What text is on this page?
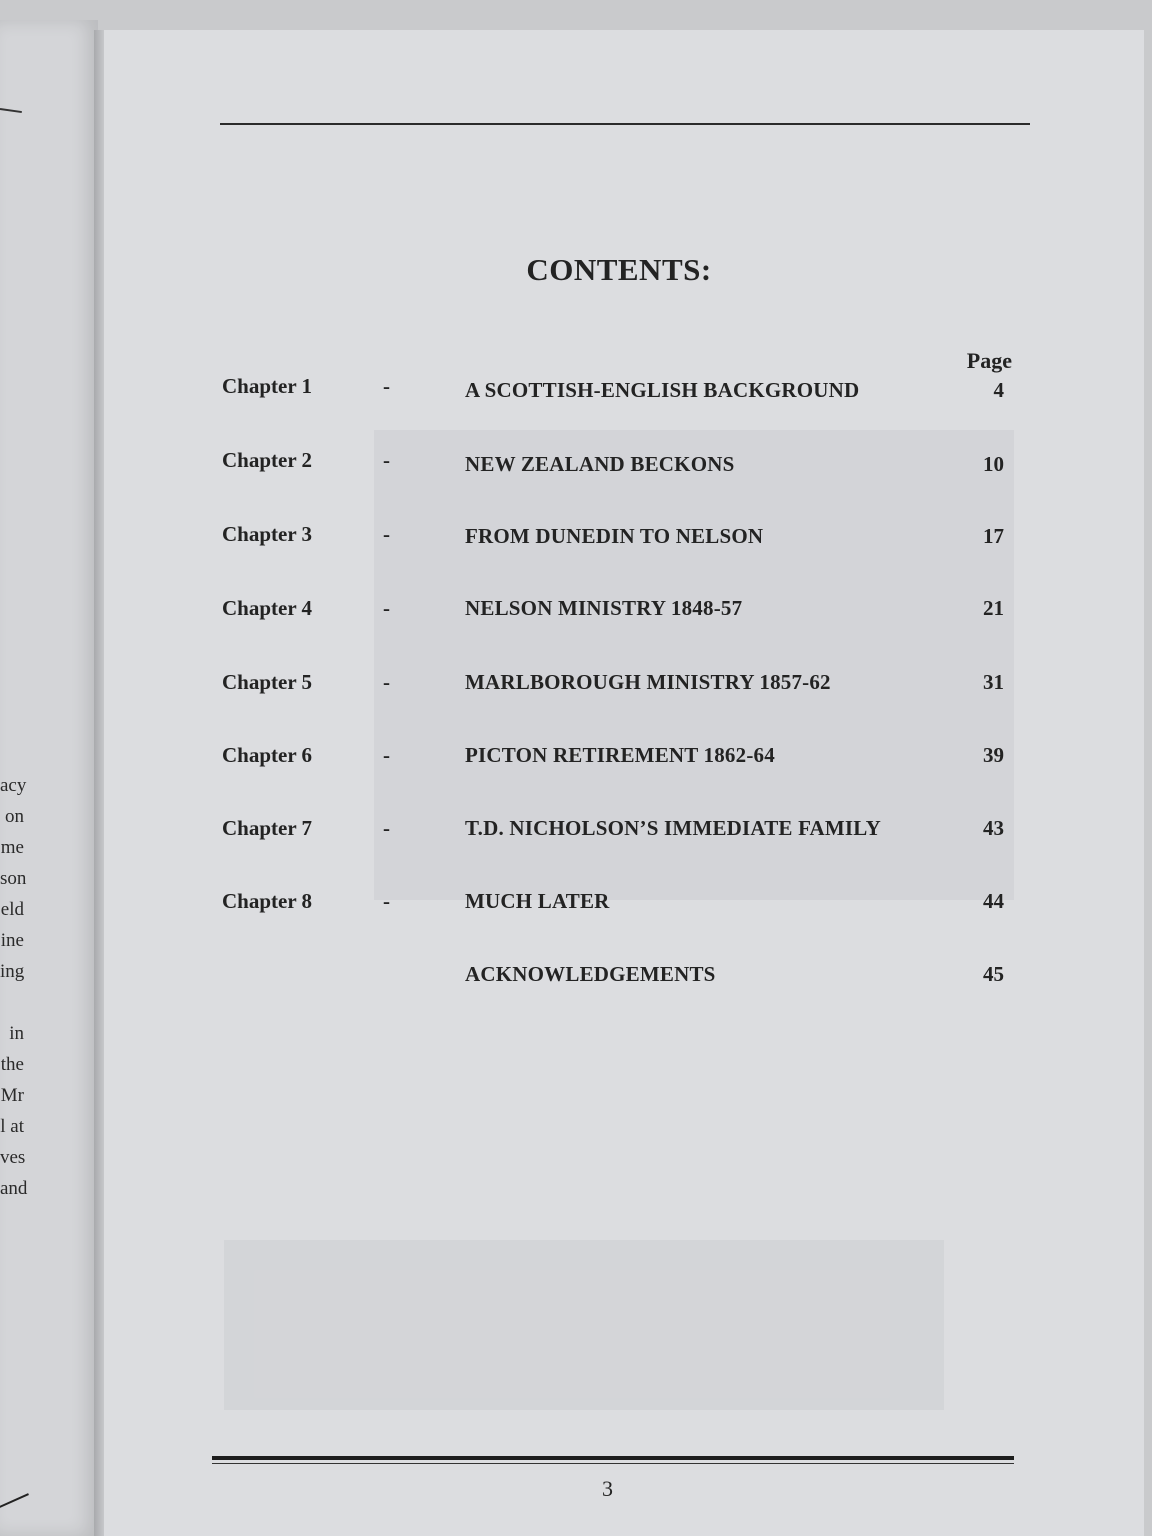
acy
on
me
son
eld
ine
ing

in
the
Mr
l at
ves
and
CONTENTS:
Page
Chapter 1	-	A SCOTTISH-ENGLISH BACKGROUND	4
Chapter 2	-	NEW ZEALAND BECKONS	10
Chapter 3	-	FROM DUNEDIN TO NELSON	17
Chapter 4	-	NELSON MINISTRY 1848-57	21
Chapter 5	-	MARLBOROUGH MINISTRY 1857-62	31
Chapter 6	-	PICTON RETIREMENT 1862-64	39
Chapter 7	-	T.D. NICHOLSON’S IMMEDIATE FAMILY	43
Chapter 8	-	MUCH LATER	44
ACKNOWLEDGEMENTS	45
3
